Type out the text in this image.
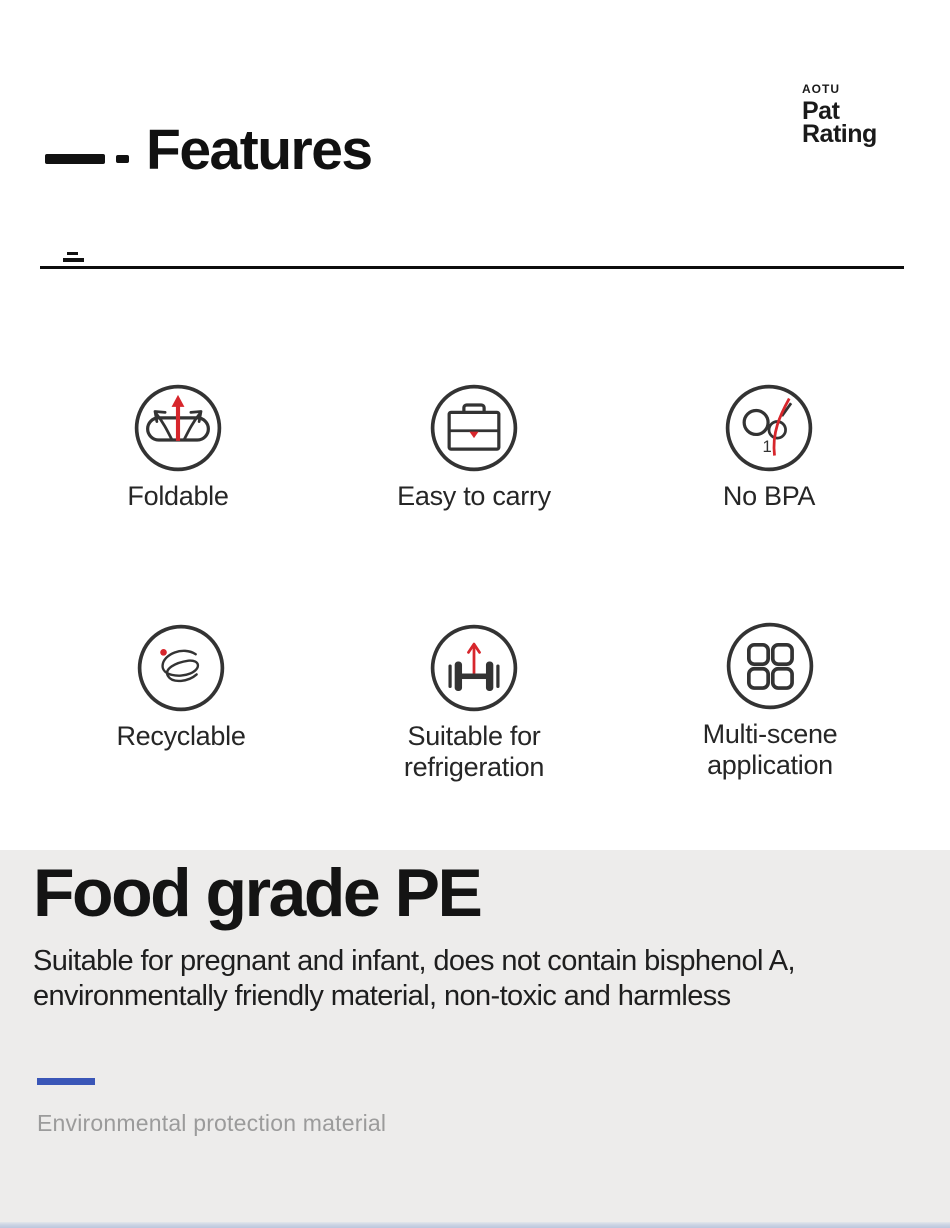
Features
AOTU
Pat
Rating
Foldable	Easy to carry
1
No BPA
Recyclable	Suitable for refrigeration
Multi-scene application
Food grade PE

Suitable for pregnant and infant, does not contain bisphenol A,
environmentally friendly material, non-toxic and harmless

Environmental protection material
